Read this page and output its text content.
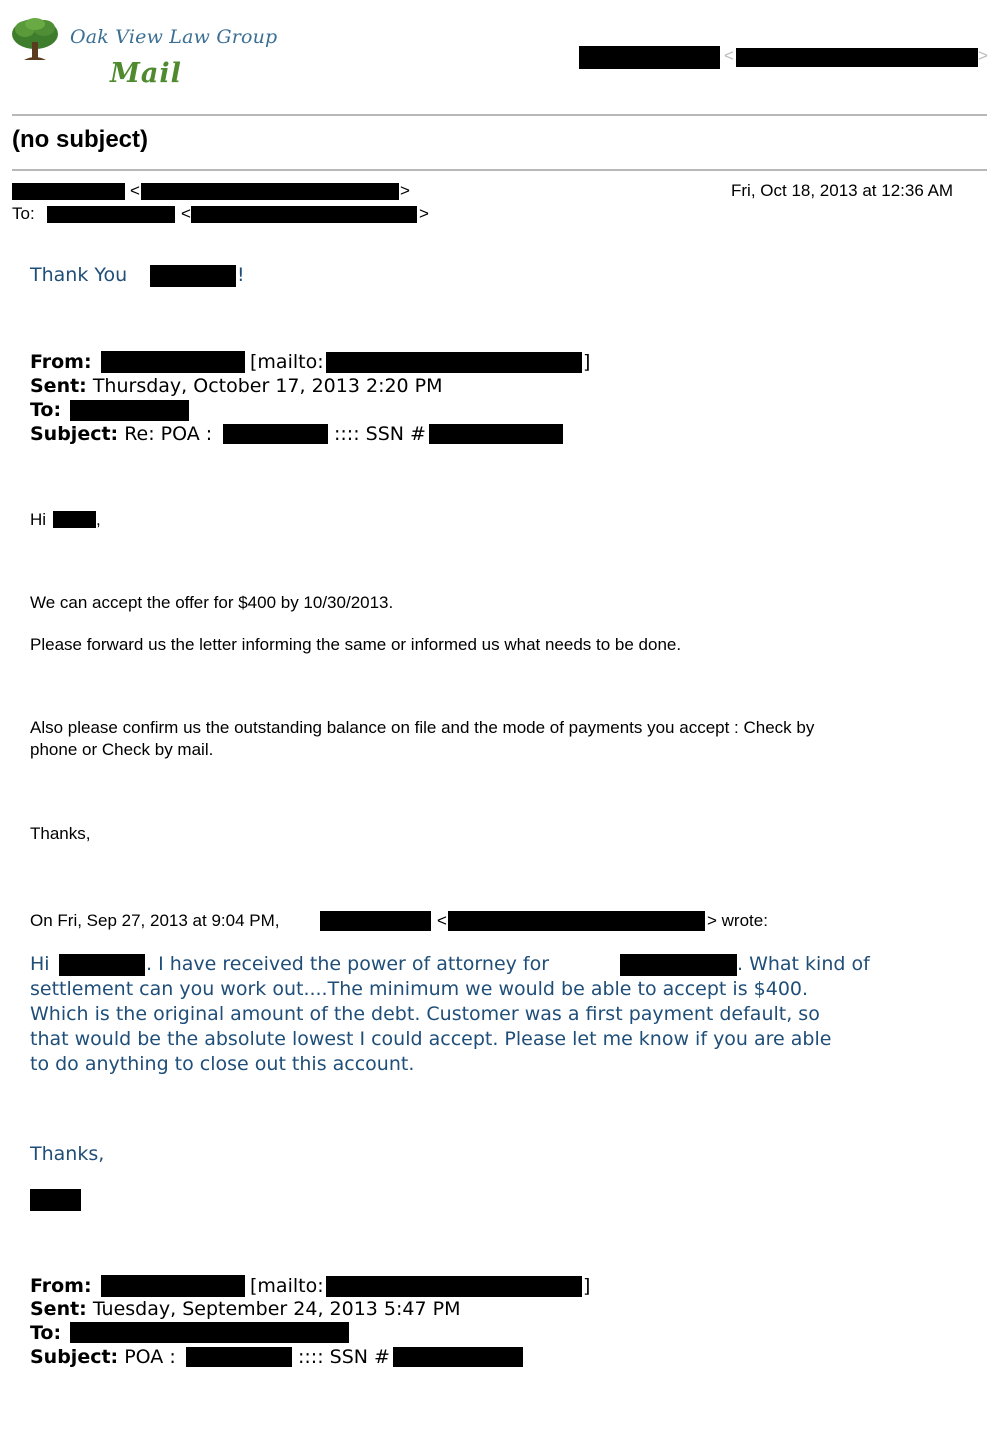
Oak View Law Group
Mail
<	>
(no subject)
<	>	Fri, Oct 18, 2013 at 12:36 AM
To:	<	>
Thank You	!
From:	[mailto:	]
Sent: Thursday, October 17, 2013 2:20 PM
To:
Subject: Re: POA :	:::: SSN #
Hi	,
We can accept the offer for $400 by 10/30/2013.
Please forward us the letter informing the same or informed us what needs to be done.
Also please confirm us the outstanding balance on file and the mode of payments you accept : Check by
phone or Check by mail.
Thanks,
On Fri, Sep 27, 2013 at 9:04 PM,	<	> wrote:
Hi	. I have received the power of attorney for	. What kind of
settlement can you work out....The minimum we would be able to accept is $400.
Which is the original amount of the debt. Customer was a first payment default, so
that would be the absolute lowest I could accept. Please let me know if you are able
to do anything to close out this account.
Thanks,
From:	[mailto:	]
Sent: Tuesday, September 24, 2013 5:47 PM
To:
Subject: POA :	:::: SSN #
